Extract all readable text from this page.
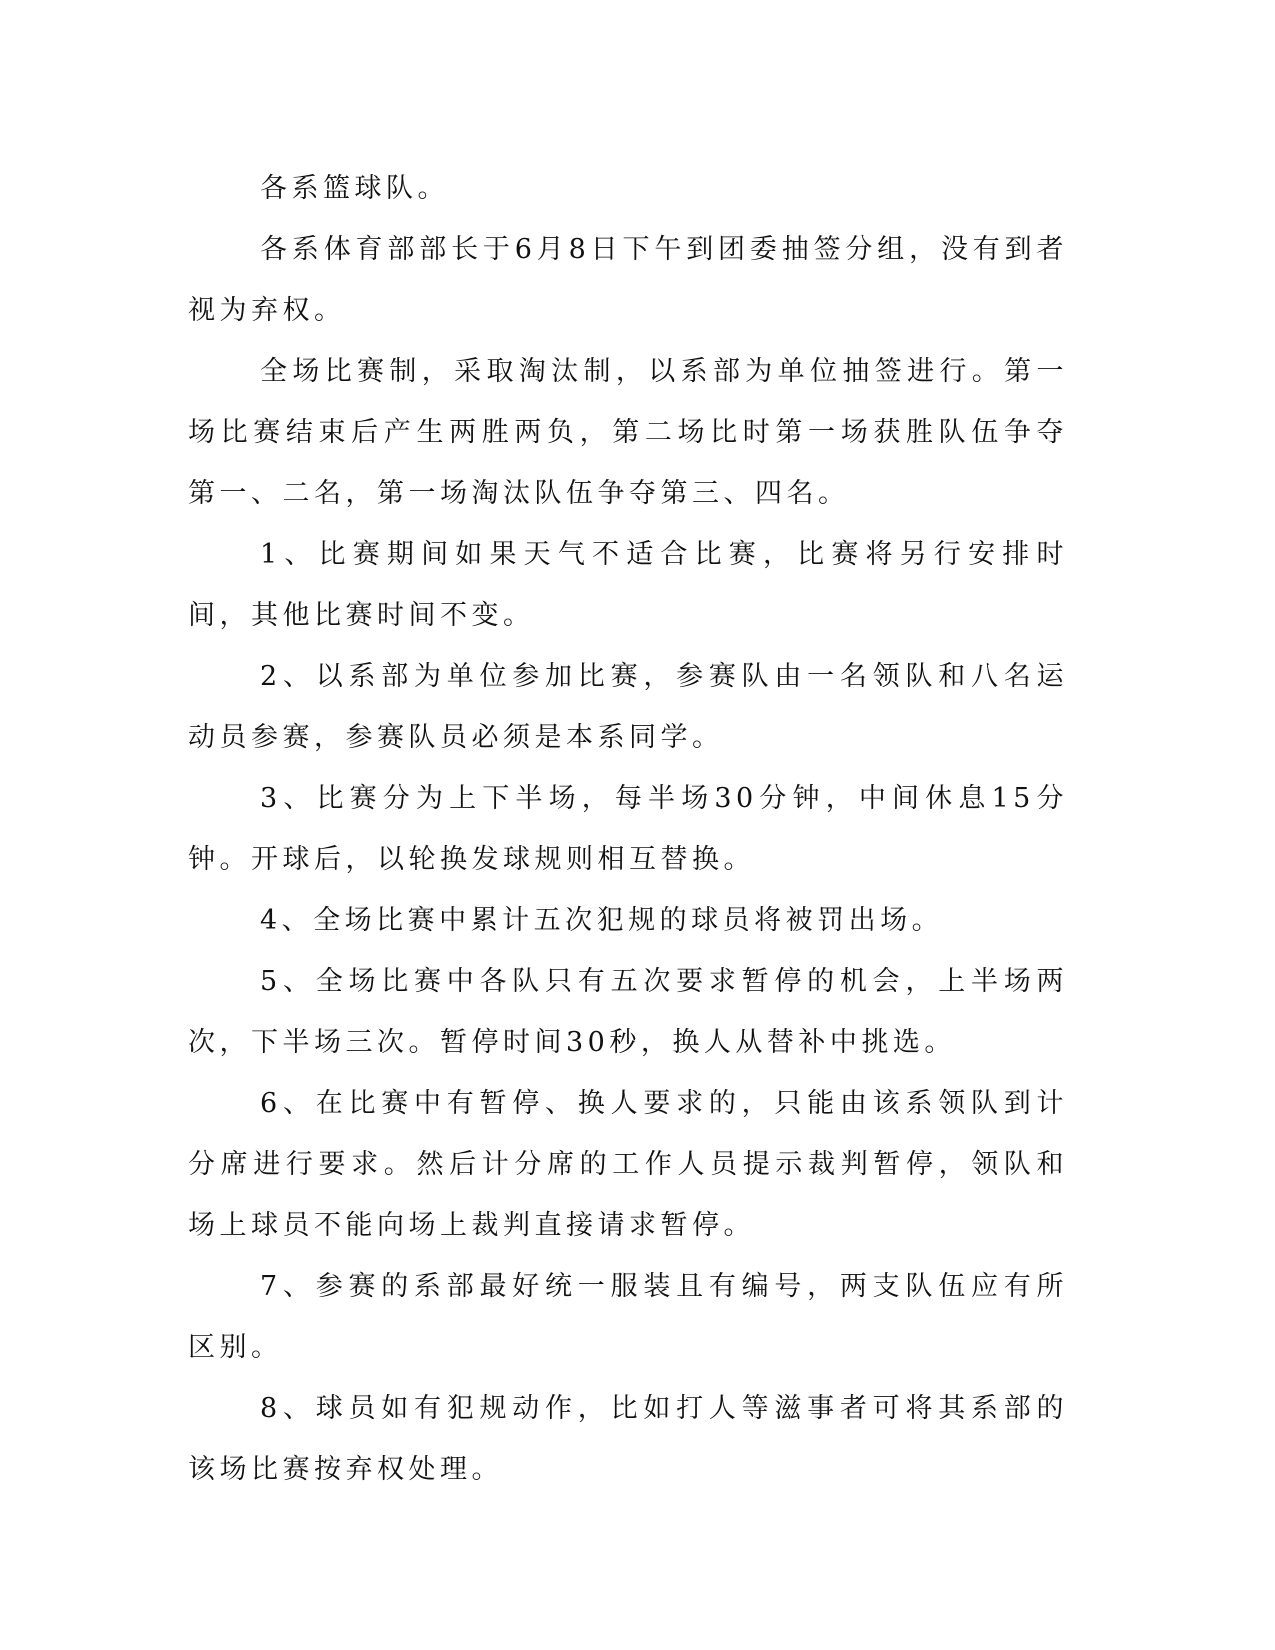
各系篮球队。

各系体育部部长于6月8日下午到团委抽签分组，没有到者视为弃权。

全场比赛制，采取淘汰制，以系部为单位抽签进行。第一场比赛结束后产生两胜两负，第二场比时第一场获胜队伍争夺第一、二名，第一场淘汰队伍争夺第三、四名。

1、比赛期间如果天气不适合比赛，比赛将另行安排时间，其他比赛时间不变。

2、以系部为单位参加比赛，参赛队由一名领队和八名运动员参赛，参赛队员必须是本系同学。

3、比赛分为上下半场，每半场30分钟，中间休息15分钟。开球后，以轮换发球规则相互替换。

4、全场比赛中累计五次犯规的球员将被罚出场。

5、全场比赛中各队只有五次要求暂停的机会，上半场两次，下半场三次。暂停时间30秒，换人从替补中挑选。

6、在比赛中有暂停、换人要求的，只能由该系领队到计分席进行要求。然后计分席的工作人员提示裁判暂停，领队和场上球员不能向场上裁判直接请求暂停。

7、参赛的系部最好统一服装且有编号，两支队伍应有所区别。

8、球员如有犯规动作，比如打人等滋事者可将其系部的该场比赛按弃权处理。
